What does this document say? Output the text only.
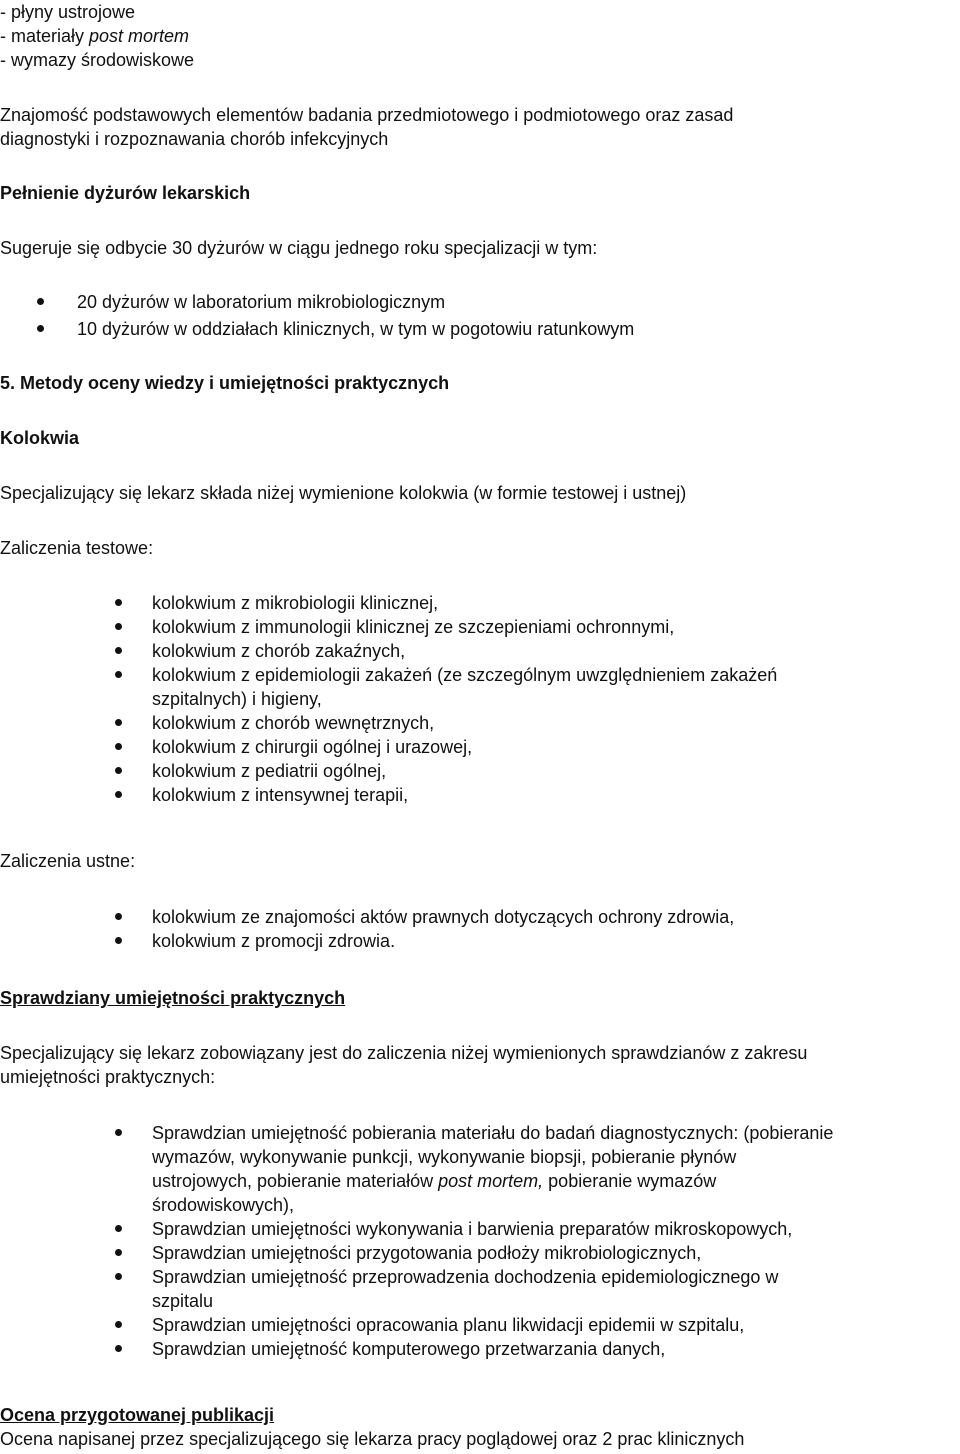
- płyny ustrojowe
- materiały post mortem
- wymazy środowiskowe
Znajomość podstawowych elementów badania przedmiotowego i podmiotowego oraz zasad
diagnostyki i rozpoznawania chorób infekcyjnych
Pełnienie dyżurów lekarskich
Sugeruje się odbycie 30 dyżurów w ciągu jednego roku specjalizacji w tym:
20 dyżurów w laboratorium mikrobiologicznym
10 dyżurów w oddziałach klinicznych, w tym w pogotowiu ratunkowym
5. Metody oceny wiedzy i umiejętności praktycznych
Kolokwia
Specjalizujący się lekarz składa niżej wymienione kolokwia (w formie testowej i ustnej)
Zaliczenia testowe:
kolokwium z mikrobiologii klinicznej,
kolokwium z immunologii klinicznej ze szczepieniami ochronnymi,
kolokwium z chorób zakaźnych,
kolokwium z epidemiologii zakażeń (ze szczególnym uwzględnieniem zakażeń
szpitalnych) i higieny,
kolokwium z chorób wewnętrznych,
kolokwium z chirurgii ogólnej i urazowej,
kolokwium z pediatrii ogólnej,
kolokwium z intensywnej terapii,
Zaliczenia ustne:
kolokwium ze znajomości aktów prawnych dotyczących ochrony zdrowia,
kolokwium z promocji zdrowia.
Sprawdziany umiejętności praktycznych
Specjalizujący się lekarz zobowiązany jest do zaliczenia niżej wymienionych sprawdzianów z zakresu
umiejętności praktycznych:
Sprawdzian umiejętność pobierania materiału do badań diagnostycznych: (pobieranie
wymazów, wykonywanie punkcji, wykonywanie biopsji, pobieranie płynów
ustrojowych, pobieranie materiałów post mortem, pobieranie wymazów
środowiskowych),
Sprawdzian umiejętności wykonywania i barwienia preparatów mikroskopowych,
Sprawdzian umiejętności przygotowania podłoży mikrobiologicznych,
Sprawdzian umiejętność przeprowadzenia dochodzenia epidemiologicznego w
szpitalu
Sprawdzian umiejętności opracowania planu likwidacji epidemii w szpitalu,
Sprawdzian umiejętność komputerowego przetwarzania danych,
Ocena przygotowanej publikacji
Ocena napisanej przez specjalizującego się lekarza pracy poglądowej oraz 2 prac klinicznych
